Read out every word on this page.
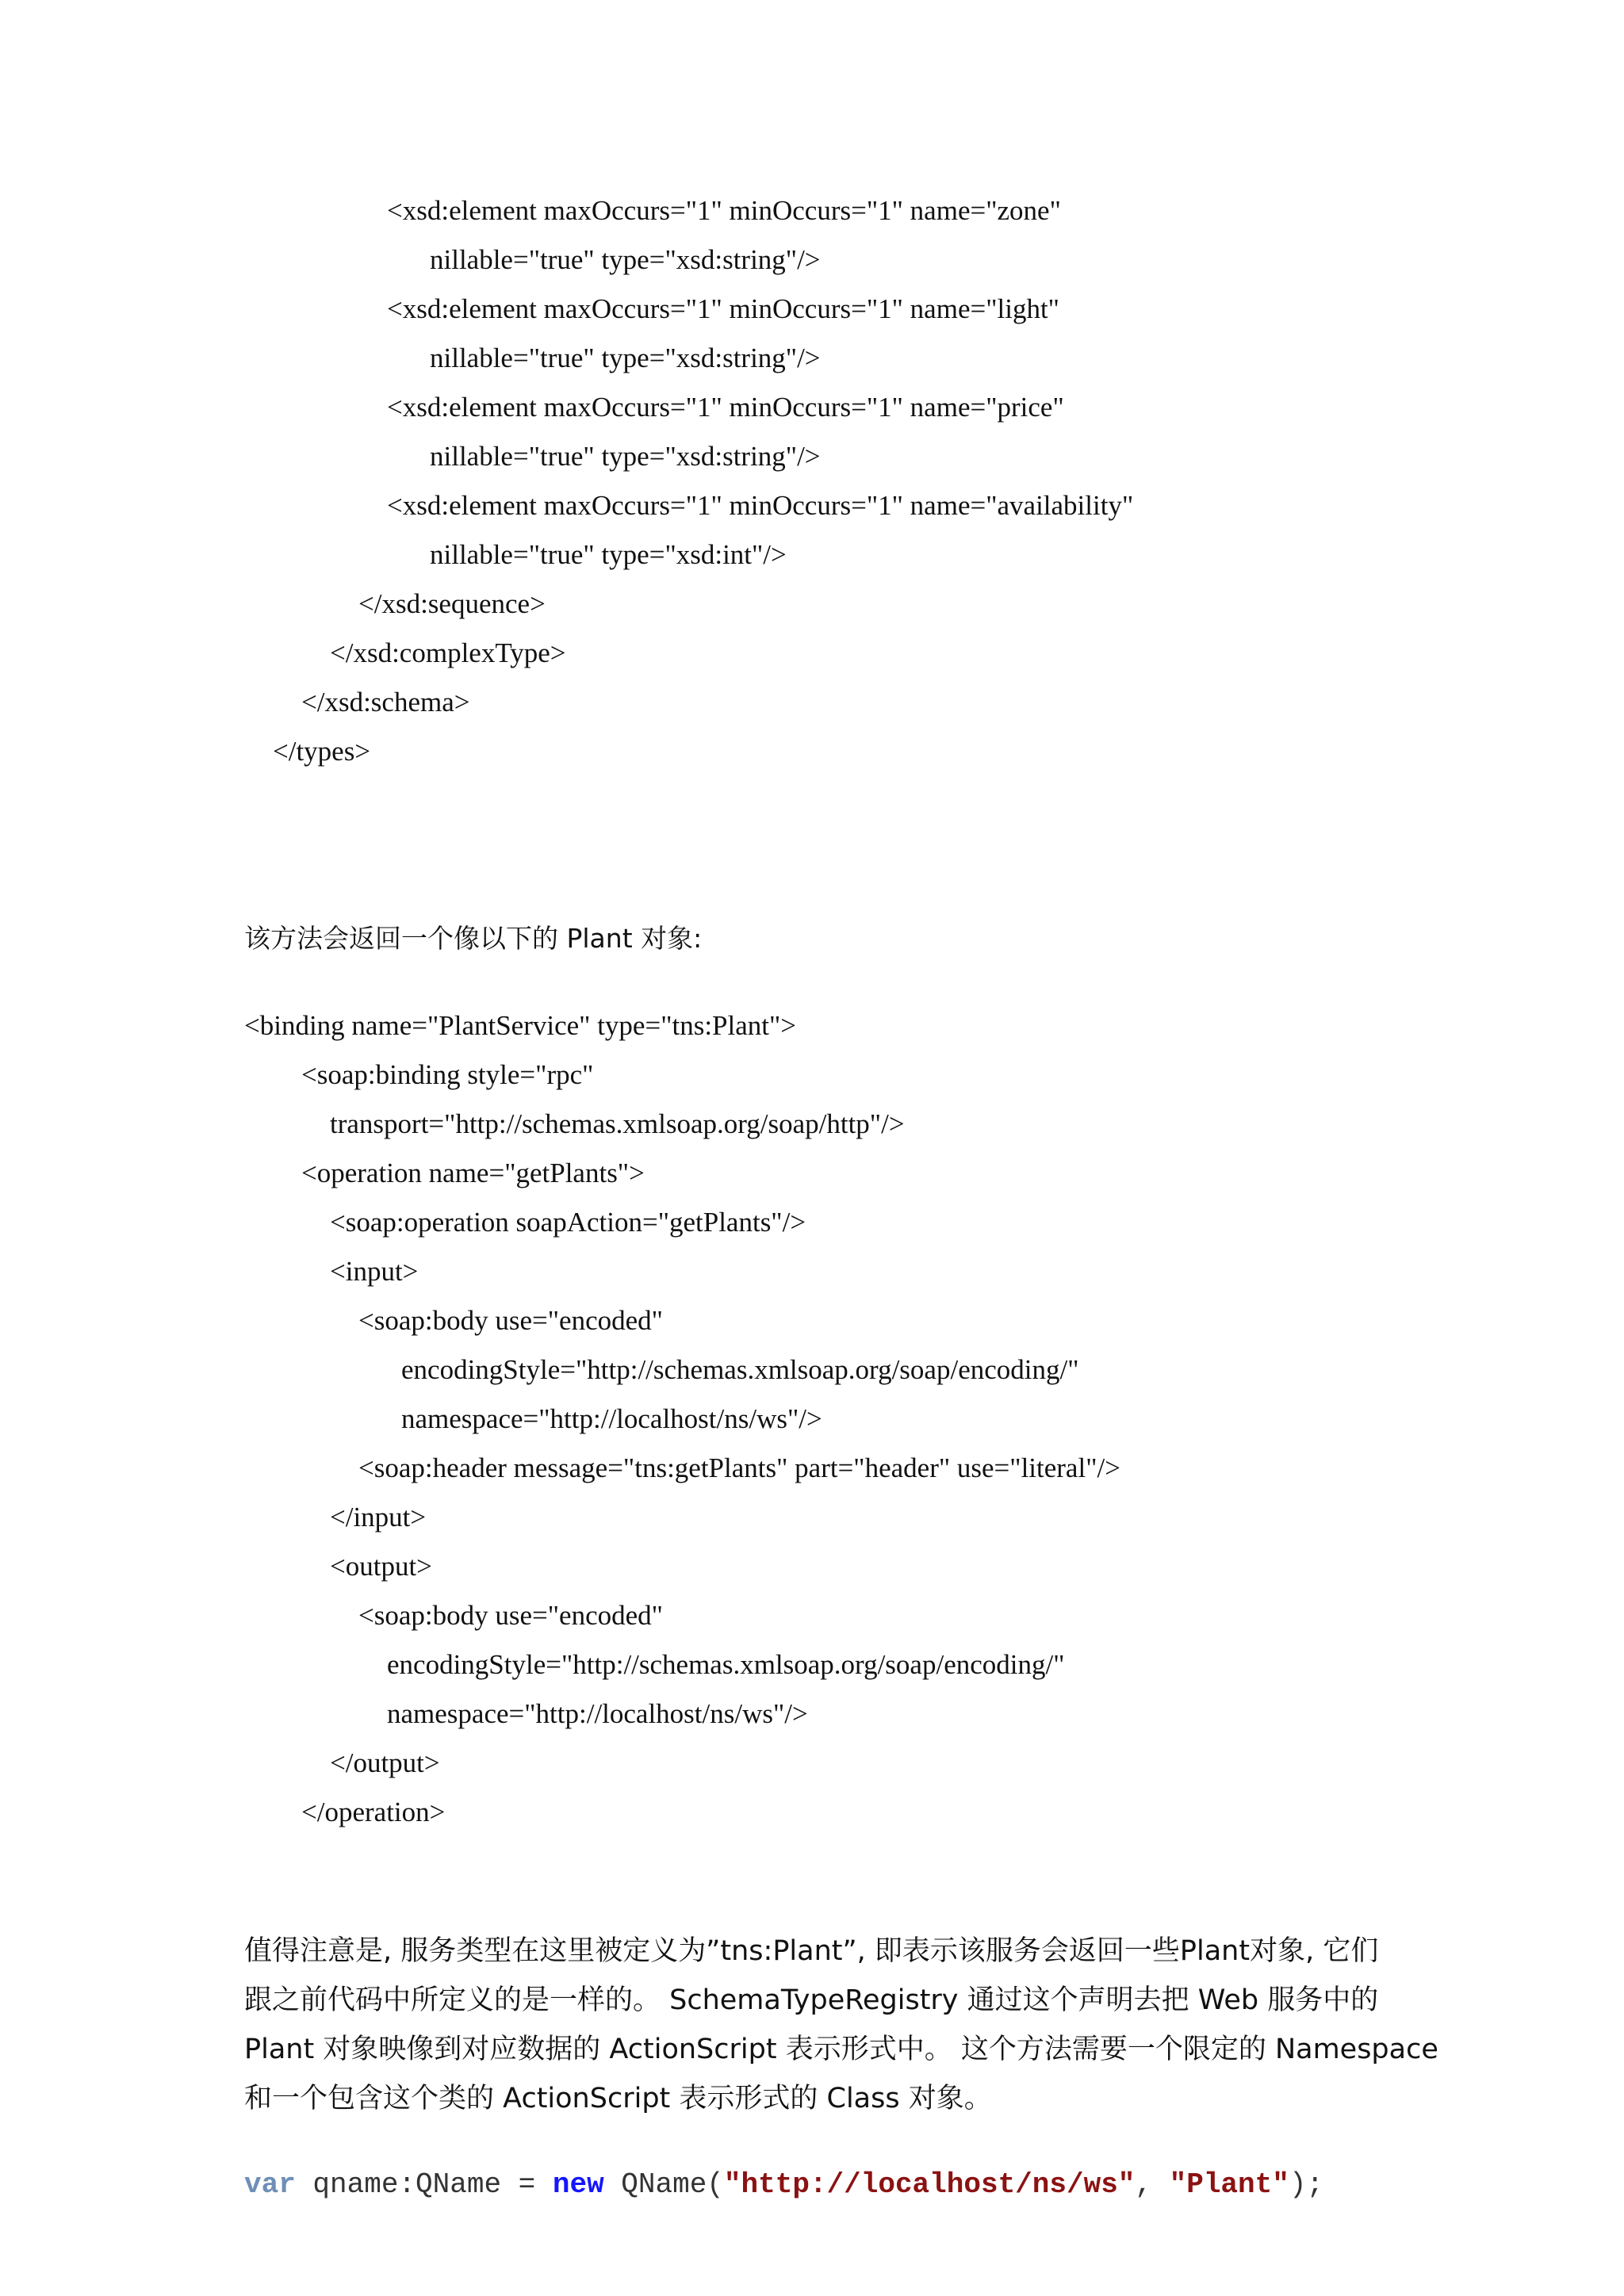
<xsd:element maxOccurs="1" minOccurs="1" name="zone"
nillable="true" type="xsd:string"/>
<xsd:element maxOccurs="1" minOccurs="1" name="light"
nillable="true" type="xsd:string"/>
<xsd:element maxOccurs="1" minOccurs="1" name="price"
nillable="true" type="xsd:string"/>
<xsd:element maxOccurs="1" minOccurs="1" name="availability"
nillable="true" type="xsd:int"/>
</xsd:sequence>
</xsd:complexType>
</xsd:schema>
</types>
该方法会返回一个像以下的 Plant 对象:
<binding name="PlantService" type="tns:Plant">
<soap:binding style="rpc"
transport="http://schemas.xmlsoap.org/soap/http"/>
<operation name="getPlants">
<soap:operation soapAction="getPlants"/>
<input>
<soap:body use="encoded"
encodingStyle="http://schemas.xmlsoap.org/soap/encoding/"
namespace="http://localhost/ns/ws"/>
<soap:header message="tns:getPlants" part="header" use="literal"/>
</input>
<output>
<soap:body use="encoded"
encodingStyle="http://schemas.xmlsoap.org/soap/encoding/"
namespace="http://localhost/ns/ws"/>
</output>
</operation>
值得注意是, 服务类型在这里被定义为”tns:Plant”, 即表示该服务会返回一些Plant对象, 它们
跟之前代码中所定义的是一样的。 SchemaTypeRegistry 通过这个声明去把 Web 服务中的
Plant 对象映像到对应数据的 ActionScript 表示形式中。 这个方法需要一个限定的 Namespace
和一个包含这个类的 ActionScript 表示形式的 Class 对象。
var qname:QName = new QName("http://localhost/ns/ws", "Plant");
